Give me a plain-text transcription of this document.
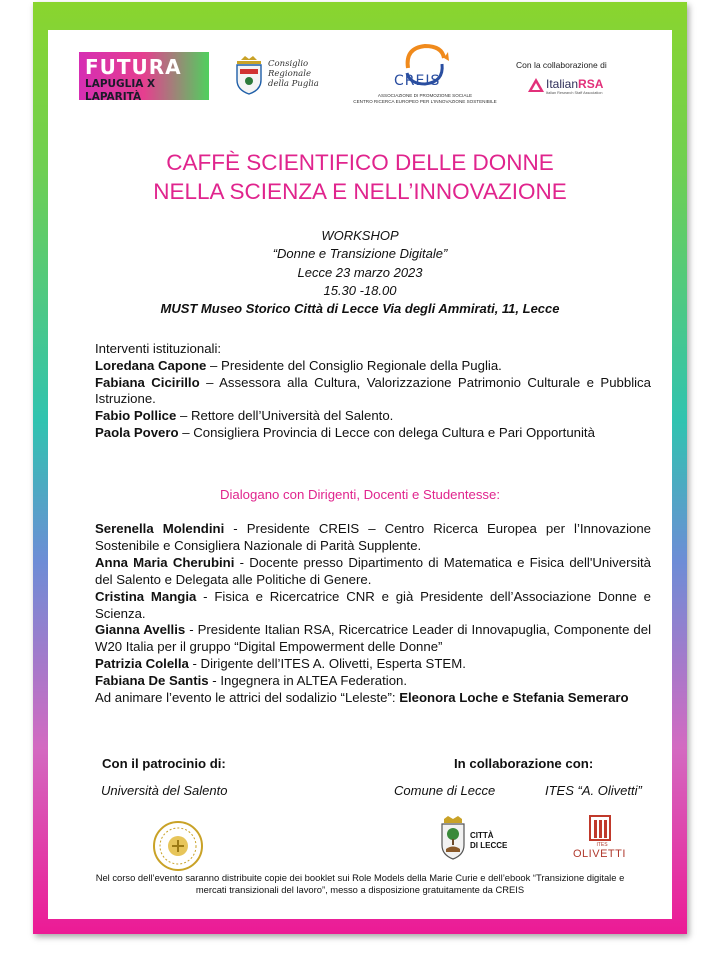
FUTURA
LAPUGLIA X LAPARITÀ
Consiglio
Regionale
della Puglia	CREIS
ASSOCIAZIONE DI PROMOZIONE SOCIALE
CENTRO RICERCA EUROPEO PER L'INNOVAZIONE SOSTENIBILE
Con la collaborazione di
ItalianRSA
Italian Research Staff Association
CAFFÈ SCIENTIFICO DELLE DONNE
NELLA SCIENZA E NELL’INNOVAZIONE
WORKSHOP
“Donne e Transizione Digitale”
Lecce 23 marzo 2023
15.30 -18.00
MUST Museo Storico Città di Lecce Via degli Ammirati, 11, Lecce

Interventi istituzionali:

Loredana Capone – Presidente del Consiglio Regionale della Puglia.

Fabiana Cicirillo – Assessora alla Cultura, Valorizzazione Patrimonio Culturale e Pubblica Istruzione.

Fabio Pollice – Rettore dell’Università del Salento.

Paola Povero – Consigliera Provincia di Lecce con delega Cultura e Pari Opportunità

Dialogano con Dirigenti, Docenti e Studentesse:

Serenella Molendini - Presidente CREIS – Centro Ricerca Europea per l’Innovazione Sostenibile e Consigliera Nazionale di Parità Supplente.

Anna Maria Cherubini - Docente presso Dipartimento di Matematica e Fisica dell'Università del Salento e Delegata alle Politiche di Genere.

Cristina Mangia - Fisica e Ricercatrice CNR e già Presidente dell’Associazione Donne e Scienza.

Gianna Avellis - Presidente Italian RSA, Ricercatrice Leader di Innovapuglia, Componente del W20 Italia per il gruppo “Digital Empowerment delle Donne”

Patrizia Colella - Dirigente dell’ITES A. Olivetti, Esperta STEM.

Fabiana De Santis - Ingegnera in ALTEA Federation.

Ad animare l’evento le attrici del sodalizio “Leleste”: Eleonora Loche e Stefania Semeraro

Con il patrocinio di:	In collaborazione con:
Università del Salento	Comune di Lecce	ITES “A. Olivetti”
CITTÀ
DI LECCE	ITES
OLIVETTI
Nel corso dell’evento saranno distribuite copie dei booklet sui Role Models della Marie Curie e dell’ebook “Transizione digitale e mercati transizionali del lavoro”, messo a disposizione gratuitamente da CREIS
